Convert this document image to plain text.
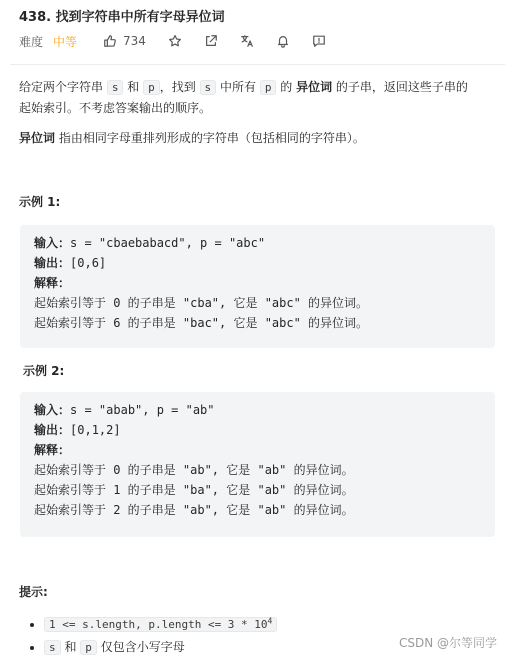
438. 找到字符串中所有字母异位词
难度 中等	734
给定两个字符串 s 和 p ，找到 s 中所有 p 的 异位词 的子串，返回这些子串的
起始索引。不考虑答案输出的顺序。
异位词 指由相同字母重排列形成的字符串（包括相同的字符串）。
示例 1:
输入：s = "cbaebabacd", p = "abc"
输出：[0,6]
解释：
起始索引等于 0 的子串是 "cba", 它是 "abc" 的异位词。
起始索引等于 6 的子串是 "bac", 它是 "abc" 的异位词。
示例 2:
输入：s = "abab", p = "ab"
输出：[0,1,2]
解释：
起始索引等于 0 的子串是 "ab", 它是 "ab" 的异位词。
起始索引等于 1 的子串是 "ba", 它是 "ab" 的异位词。
起始索引等于 2 的子串是 "ab", 它是 "ab" 的异位词。
提示:
• 1 <= s.length, p.length <= $3 * 10^4$
• s 和 p 仅包含小写字母	CSDN @尔等同学
